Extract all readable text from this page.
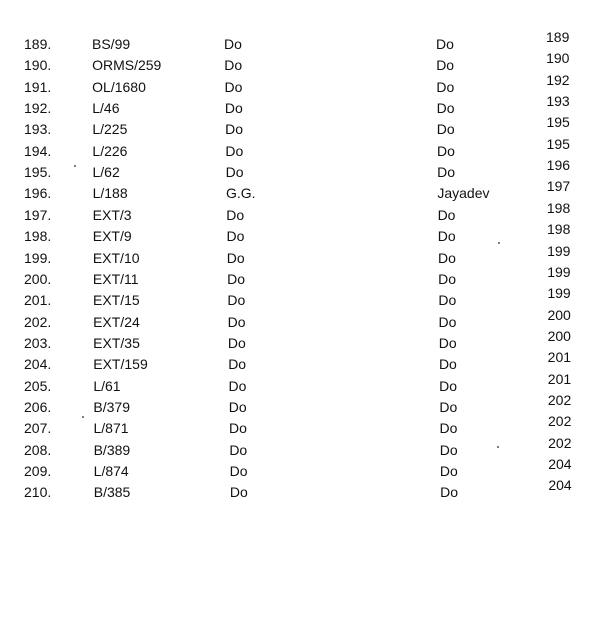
189.	BS/99	Do	Do	189
190.	ORMS/259	Do	Do	190
191.	OL/1680	Do	Do	192
192.	L/46	Do	Do	193
193.	L/225	Do	Do	195
194.	L/226	Do	Do	195
195.	L/62	Do	Do	196
196.	L/188	G.G.	Jayadev	197
197.	EXT/3	Do	Do	198
198.	EXT/9	Do	Do	198
199.	EXT/10	Do	Do	199
200.	EXT/11	Do	Do	199
201.	EXT/15	Do	Do	199
202.	EXT/24	Do	Do	200
203.	EXT/35	Do	Do	200
204.	EXT/159	Do	Do	201
205.	L/61	Do	Do	201
206.	B/379	Do	Do	202
207.	L/871	Do	Do	202
208.	B/389	Do	Do	202
209.	L/874	Do	Do	204
210.	B/385	Do	Do	204
